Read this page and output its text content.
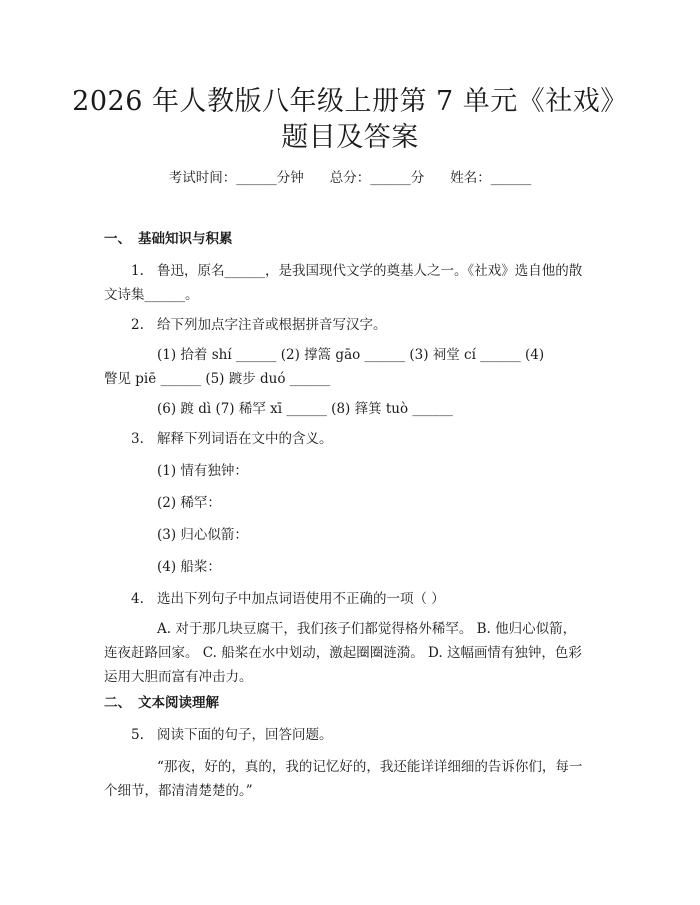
2026 年人教版八年级上册第 7 单元《社戏》
题目及答案
考试时间：______分钟 总分：______分 姓名：______
一、 基础知识与积累
1. 鲁迅，原名______，是我国现代文学的奠基人之一。《社戏》选自他的散
文诗集______。
2. 给下列加点字注音或根据拼音写汉字。
(1) 拾着 shí ______ (2) 撑篙 gāo ______ (3) 祠堂 cí ______ (4)
瞥见 piē ______ (5) 踱步 duó ______
(6) 踱 dì (7) 稀罕 xī ______ (8) 箨箕 tuò ______
3. 解释下列词语在文中的含义。
(1) 情有独钟：
(2) 稀罕：
(3) 归心似箭：
(4) 船桨：
4. 选出下列句子中加点词语使用不正确的一项（ ）
A. 对于那几块豆腐干，我们孩子们都觉得格外稀罕。 B. 他归心似箭，
连夜赶路回家。 C. 船桨在水中划动，激起圈圈涟漪。 D. 这幅画情有独钟，色彩
运用大胆而富有冲击力。
二、 文本阅读理解
5. 阅读下面的句子，回答问题。
“那夜，好的，真的，我的记忆好的，我还能详详细细的告诉你们，每一
个细节，都清清楚楚的。”
